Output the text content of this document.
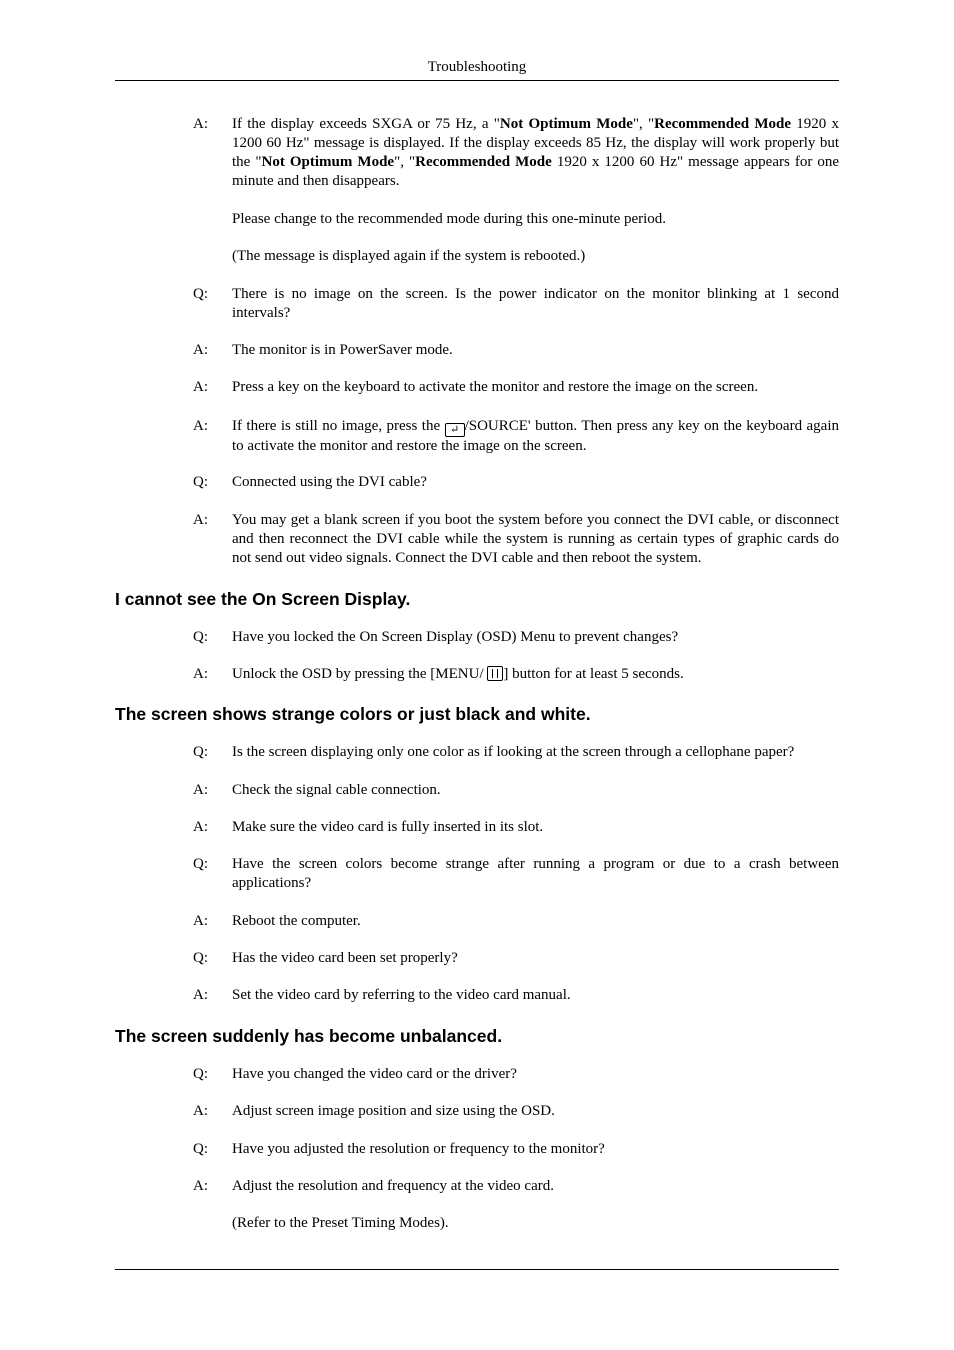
Troubleshooting
A:	If the display exceeds SXGA or 75 Hz, a "Not Optimum Mode", "Recommended Mode 1920 x 1200 60 Hz" message is displayed. If the display exceeds 85 Hz, the display will work properly but the "Not Optimum Mode", "Recommended Mode 1920 x 1200 60 Hz" message appears for one minute and then disappears.
Please change to the recommended mode during this one-minute period.
(The message is displayed again if the system is rebooted.)
Q:	There is no image on the screen. Is the power indicator on the monitor blinking at 1 second intervals?
A:	The monitor is in PowerSaver mode.
A:	Press a key on the keyboard to activate the monitor and restore the image on the screen.
A:	If there is still no image, press the ↵ /SOURCE' button. Then press any key on the keyboard again to activate the monitor and restore the image on the screen.
Q:	Connected using the DVI cable?
A:	You may get a blank screen if you boot the system before you connect the DVI cable, or disconnect and then reconnect the DVI cable while the system is running as certain types of graphic cards do not send out video signals. Connect the DVI cable and then reboot the system.
I cannot see the On Screen Display.
Q:	Have you locked the On Screen Display (OSD) Menu to prevent changes?
A:	Unlock the OSD by pressing the [MENU/ ] button for at least 5 seconds.
The screen shows strange colors or just black and white.
Q:	Is the screen displaying only one color as if looking at the screen through a cellophane paper?
A:	Check the signal cable connection.
A:	Make sure the video card is fully inserted in its slot.
Q:	Have the screen colors become strange after running a program or due to a crash between applications?
A:	Reboot the computer.
Q:	Has the video card been set properly?
A:	Set the video card by referring to the video card manual.
The screen suddenly has become unbalanced.
Q:	Have you changed the video card or the driver?
A:	Adjust screen image position and size using the OSD.
Q:	Have you adjusted the resolution or frequency to the monitor?
A:	Adjust the resolution and frequency at the video card.
(Refer to the Preset Timing Modes).
